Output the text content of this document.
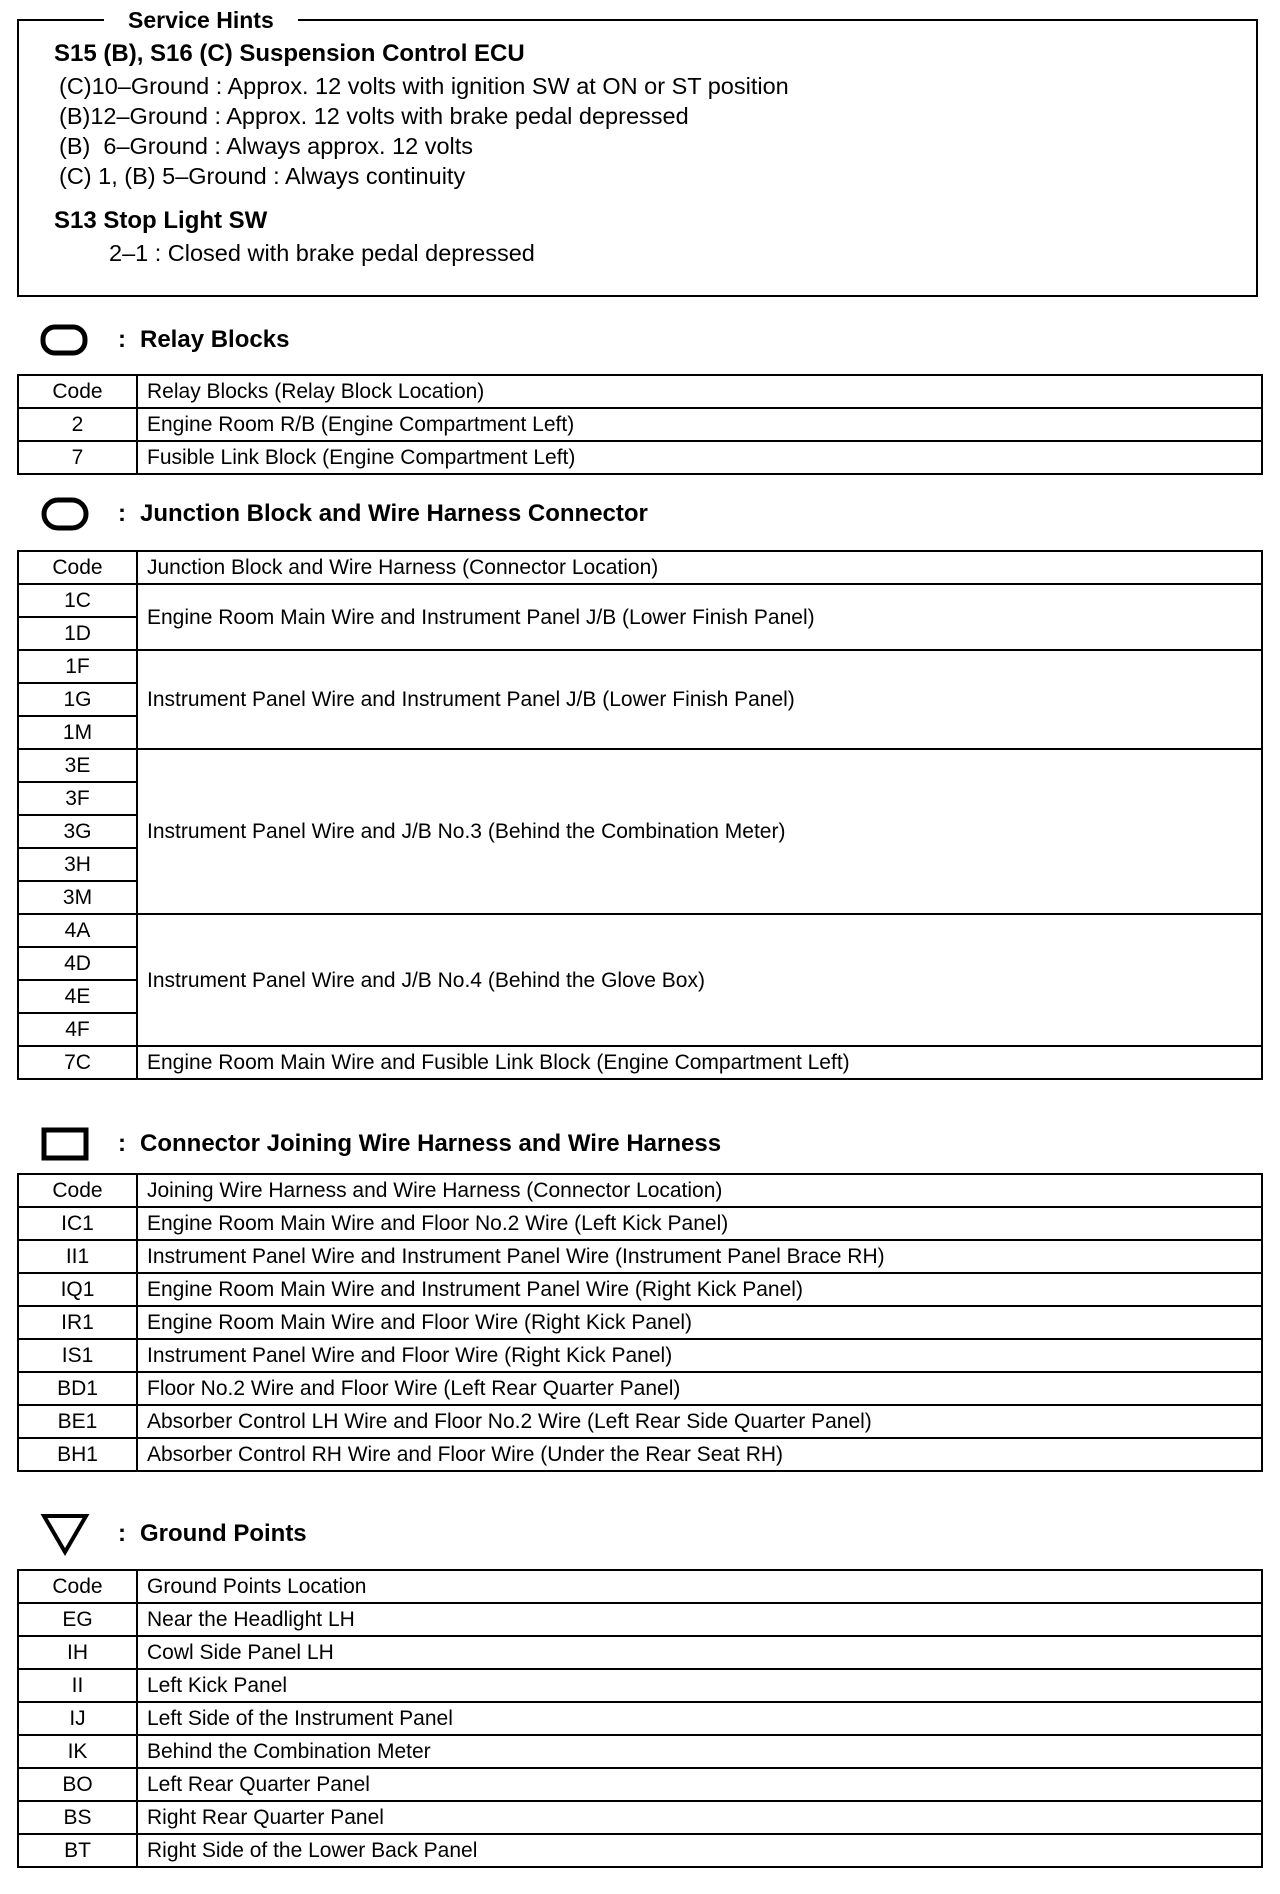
Service Hints
S15 (B), S16 (C) Suspension Control ECU
(C)10–Ground : Approx. 12 volts with ignition SW at ON or ST position
(B)12–Ground : Approx. 12 volts with brake pedal depressed
(B)  6–Ground : Always approx. 12 volts
(C) 1, (B) 5–Ground : Always continuity
S13 Stop Light SW
2–1 : Closed with brake pedal depressed
: Relay Blocks
Code	Relay Blocks (Relay Block Location)
2	Engine Room R/B (Engine Compartment Left)
7	Fusible Link Block (Engine Compartment Left)
: Junction Block and Wire Harness Connector
Code	Junction Block and Wire Harness (Connector Location)
1C	Engine Room Main Wire and Instrument Panel J/B (Lower Finish Panel)
1D	
1F	Instrument Panel Wire and Instrument Panel J/B (Lower Finish Panel)
1G	
1M	
3E	Instrument Panel Wire and J/B No.3 (Behind the Combination Meter)
3F	
3G	
3H	
3M	
4A	Instrument Panel Wire and J/B No.4 (Behind the Glove Box)
4D	
4E	
4F	
7C	Engine Room Main Wire and Fusible Link Block (Engine Compartment Left)
: Connector Joining Wire Harness and Wire Harness
Code	Joining Wire Harness and Wire Harness (Connector Location)
IC1	Engine Room Main Wire and Floor No.2 Wire (Left Kick Panel)
II1	Instrument Panel Wire and Instrument Panel Wire (Instrument Panel Brace RH)
IQ1	Engine Room Main Wire and Instrument Panel Wire (Right Kick Panel)
IR1	Engine Room Main Wire and Floor Wire (Right Kick Panel)
IS1	Instrument Panel Wire and Floor Wire (Right Kick Panel)
BD1	Floor No.2 Wire and Floor Wire (Left Rear Quarter Panel)
BE1	Absorber Control LH Wire and Floor No.2 Wire (Left Rear Side Quarter Panel)
BH1	Absorber Control RH Wire and Floor Wire (Under the Rear Seat RH)
: Ground Points
Code	Ground Points Location
EG	Near the Headlight LH
IH	Cowl Side Panel LH
II	Left Kick Panel
IJ	Left Side of the Instrument Panel
IK	Behind the Combination Meter
BO	Left Rear Quarter Panel
BS	Right Rear Quarter Panel
BT	Right Side of the Lower Back Panel
